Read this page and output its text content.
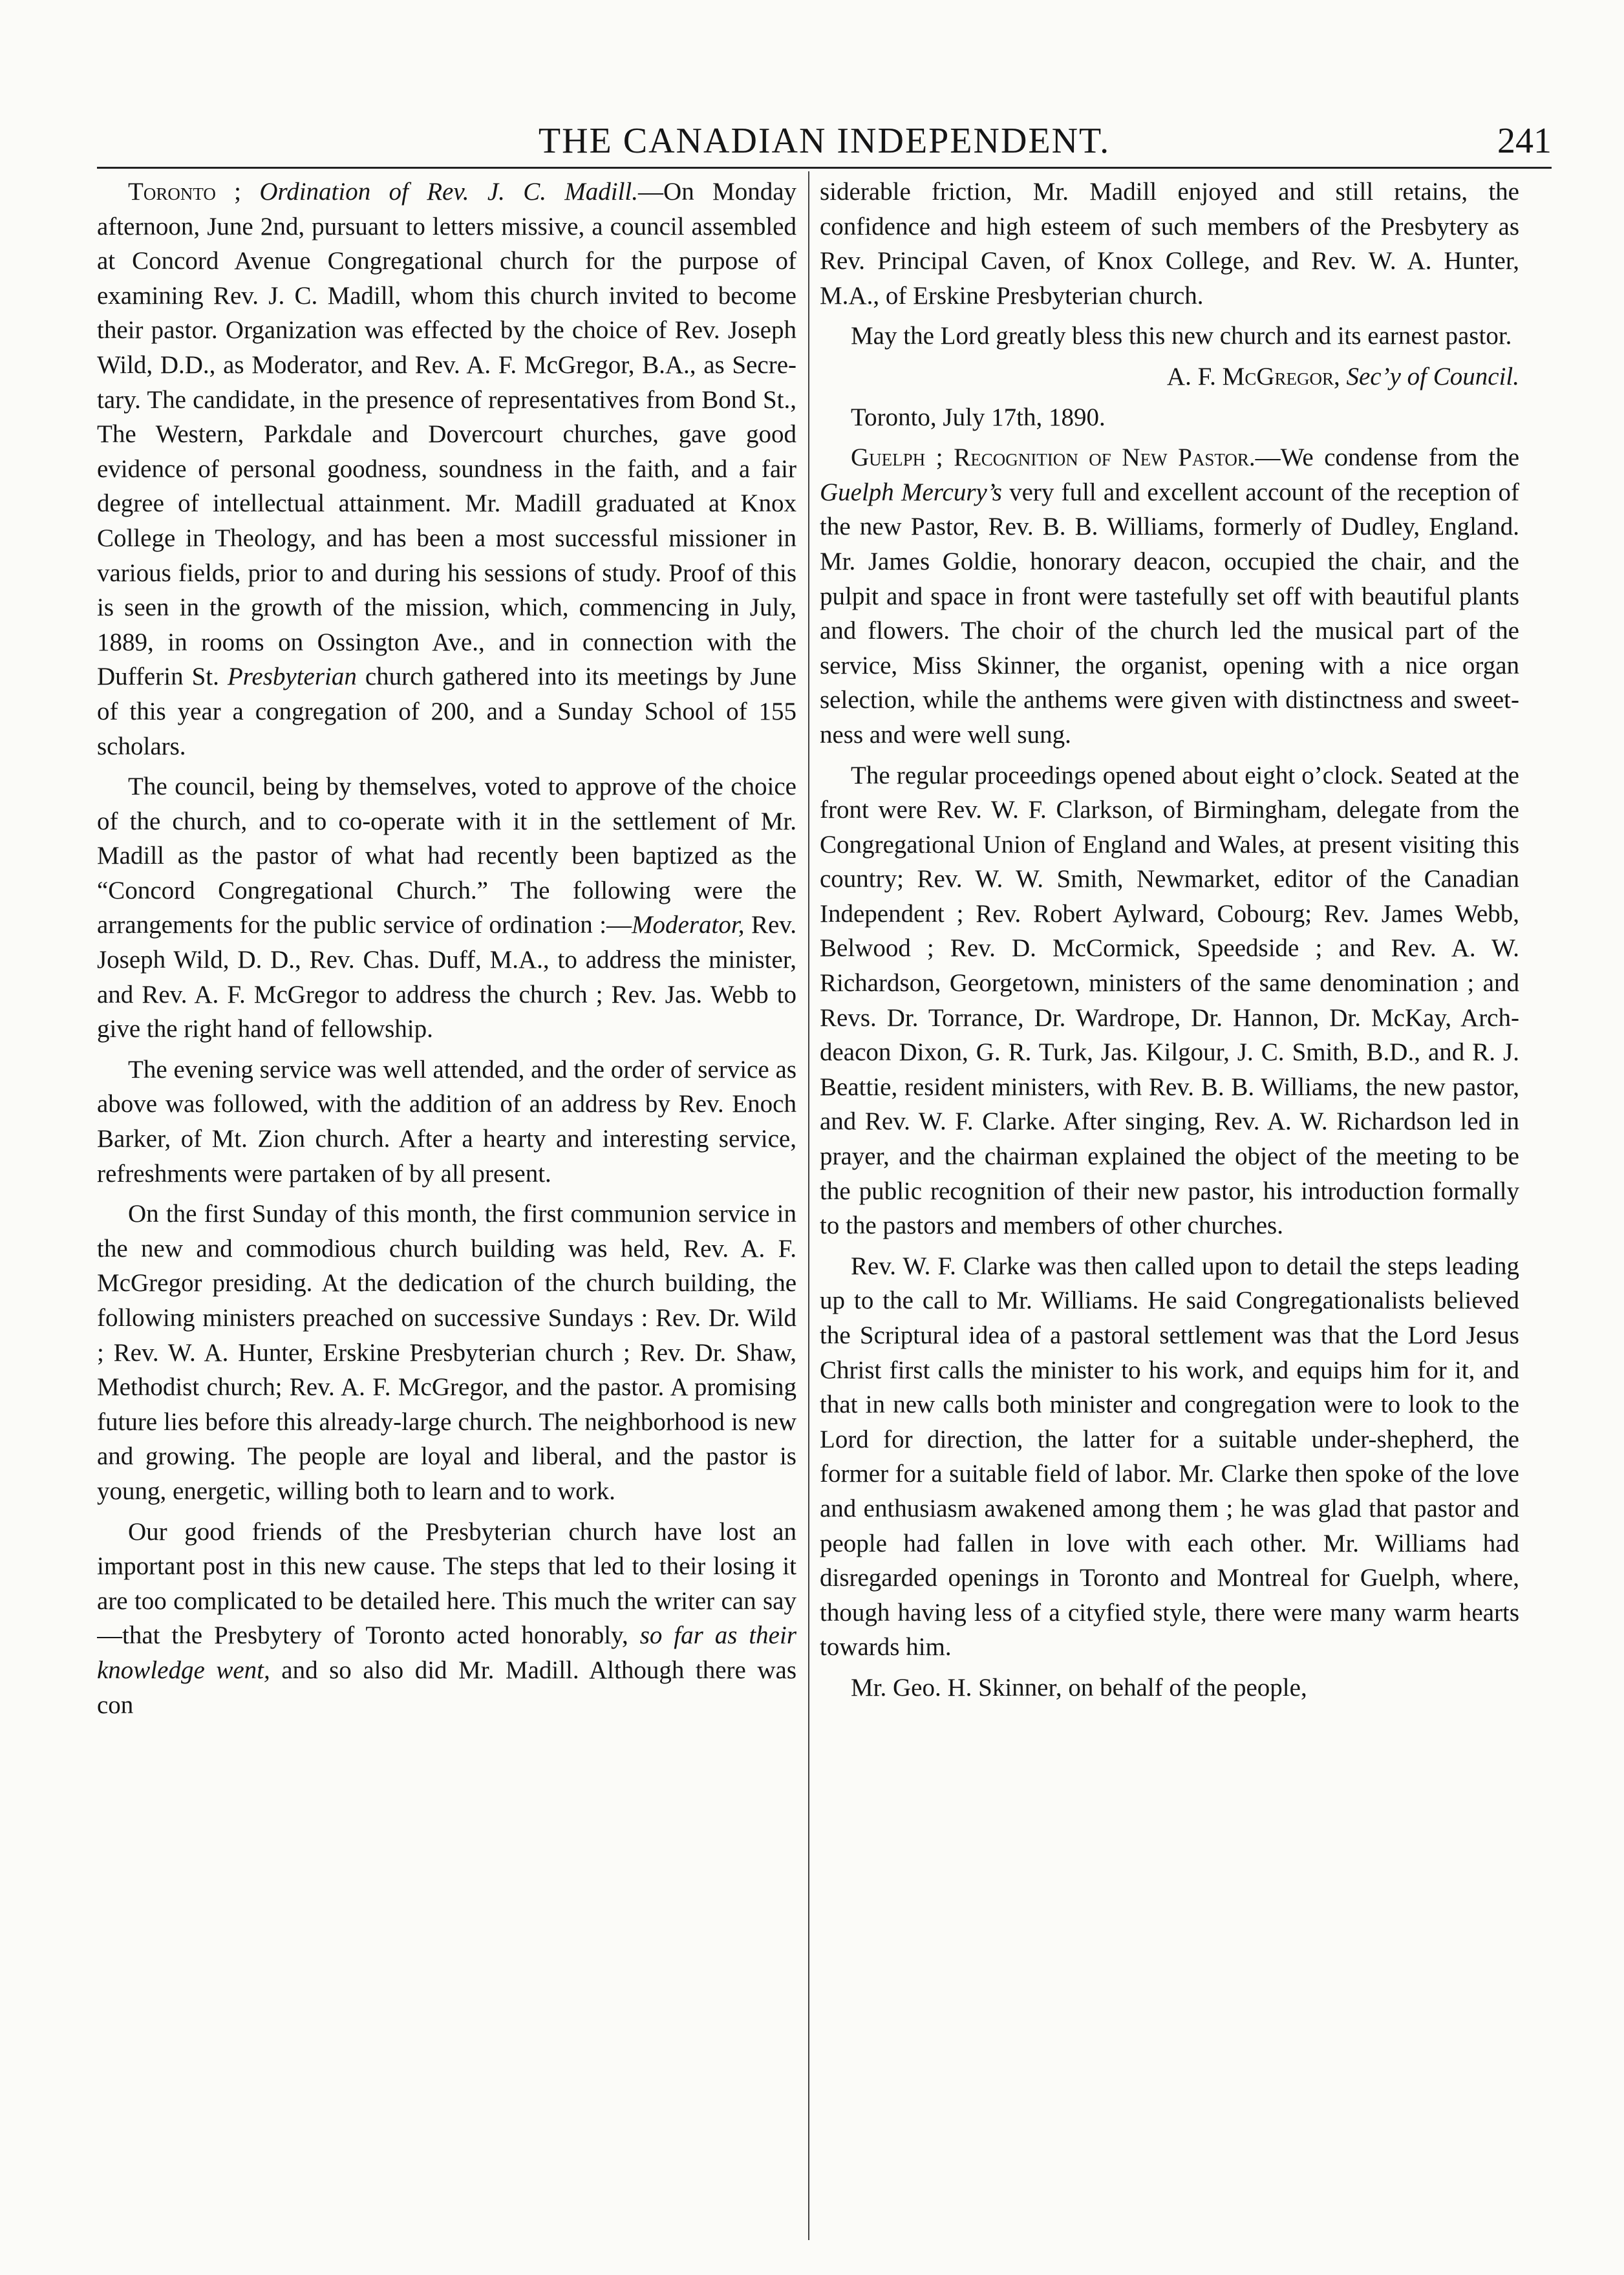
THE CANADIAN INDEPENDENT.	241

Toronto ; Ordination of Rev. J. C. Madill.—On Monday afternoon, June 2nd, pursuant to letters missive, a council assembled at Concord Avenue Congregational church for the purpose of examining Rev. J. C. Madill, whom this church invited to become their pastor. Organization was effected by the choice of Rev. Joseph Wild, D.D., as Moderator, and Rev. A. F. McGregor, B.A., as Secretary. The candidate, in the presence of representatives from Bond St., The Western, Parkdale and Dovercourt churches, gave good evidence of personal goodness, soundness in the faith, and a fair degree of intellectual attainment. Mr. Madill graduated at Knox College in Theology, and has been a most successful missioner in various fields, prior to and during his sessions of study. Proof of this is seen in the growth of the mission, which, commencing in July, 1889, in rooms on Ossington Ave., and in connection with the Dufferin St. Presbyterian church gathered into its meetings by June of this year a congregation of 200, and a Sunday School of 155 scholars.

The council, being by themselves, voted to approve of the choice of the church, and to co-operate with it in the settlement of Mr. Madill as the pastor of what had recently been baptized as the “Concord Congregational Church.” The following were the arrangements for the public service of ordination :—Moderator, Rev. Joseph Wild, D. D., Rev. Chas. Duff, M.A., to address the minister, and Rev. A. F. McGregor to address the church ; Rev. Jas. Webb to give the right hand of fellowship.

The evening service was well attended, and the order of service as above was followed, with the addition of an address by Rev. Enoch Barker, of Mt. Zion church. After a hearty and interesting service, refreshments were partaken of by all present.

On the first Sunday of this month, the first communion service in the new and commodious church building was held, Rev. A. F. McGregor presiding. At the dedication of the church building, the following ministers preached on successive Sundays : Rev. Dr. Wild ; Rev. W. A. Hunter, Erskine Presbyterian church ; Rev. Dr. Shaw, Methodist church; Rev. A. F. McGregor, and the pastor. A promising future lies before this already-large church. The neighborhood is new and growing. The people are loyal and liberal, and the pastor is young, energetic, willing both to learn and to work.

Our good friends of the Presbyterian church have lost an important post in this new cause. The steps that led to their losing it are too complicated to be detailed here. This much the writer can say—that the Presbytery of Toronto acted honorably, so far as their knowledge went, and so also did Mr. Madill. Although there was con

siderable friction, Mr. Madill enjoyed and still retains, the confidence and high esteem of such members of the Presbytery as Rev. Principal Caven, of Knox College, and Rev. W. A. Hunter, M.A., of Erskine Presbyterian church.

May the Lord greatly bless this new church and its earnest pastor.

A. F. McGregor, Sec’y of Council.

Toronto, July 17th, 1890.

Guelph ; Recognition of New Pastor.—We condense from the Guelph Mercury’s very full and excellent account of the reception of the new Pastor, Rev. B. B. Williams, formerly of Dudley, England. Mr. James Goldie, honorary deacon, occupied the chair, and the pulpit and space in front were tastefully set off with beautiful plants and flowers. The choir of the church led the musical part of the service, Miss Skinner, the organist, opening with a nice organ selection, while the anthems were given with distinctness and sweetness and were well sung.

The regular proceedings opened about eight o’clock. Seated at the front were Rev. W. F. Clarkson, of Birmingham, delegate from the Congregational Union of England and Wales, at present visiting this country; Rev. W. W. Smith, Newmarket, editor of the Canadian Independent ; Rev. Robert Aylward, Cobourg; Rev. James Webb, Belwood ; Rev. D. McCormick, Speedside ; and Rev. A. W. Richardson, Georgetown, ministers of the same denomination ; and Revs. Dr. Torrance, Dr. Wardrope, Dr. Hannon, Dr. McKay, Archdeacon Dixon, G. R. Turk, Jas. Kilgour, J. C. Smith, B.D., and R. J. Beattie, resident ministers, with Rev. B. B. Williams, the new pastor, and Rev. W. F. Clarke. After singing, Rev. A. W. Richardson led in prayer, and the chairman explained the object of the meeting to be the public recognition of their new pastor, his introduction formally to the pastors and members of other churches.

Rev. W. F. Clarke was then called upon to detail the steps leading up to the call to Mr. Williams. He said Congregationalists believed the Scriptural idea of a pastoral settlement was that the Lord Jesus Christ first calls the minister to his work, and equips him for it, and that in new calls both minister and congregation were to look to the Lord for direction, the latter for a suitable under-shepherd, the former for a suitable field of labor. Mr. Clarke then spoke of the love and enthusiasm awakened among them ; he was glad that pastor and people had fallen in love with each other. Mr. Williams had disregarded openings in Toronto and Montreal for Guelph, where, though having less of a cityfied style, there were many warm hearts towards him.

Mr. Geo. H. Skinner, on behalf of the people,
